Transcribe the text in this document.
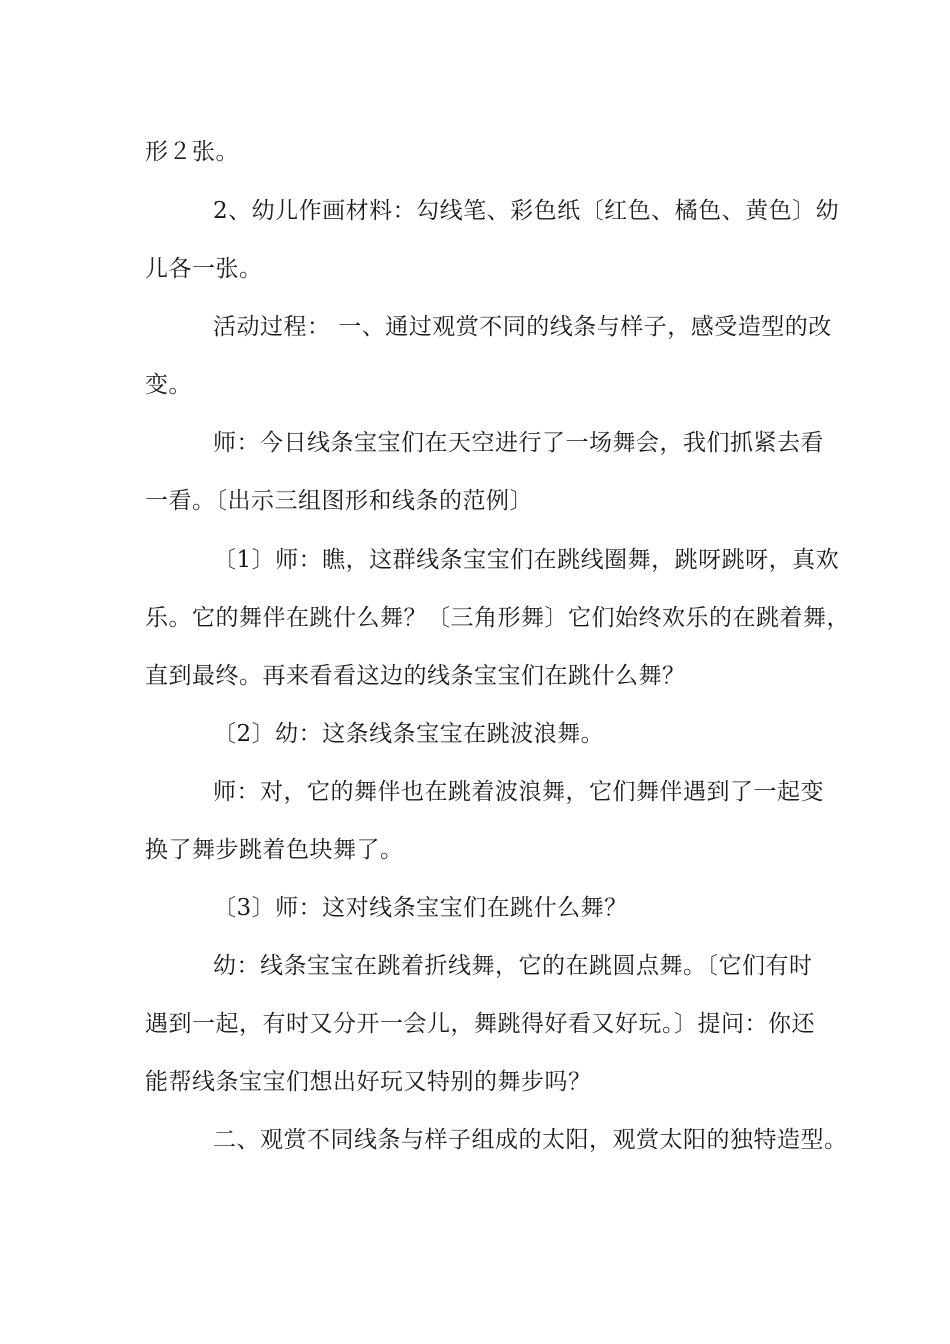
形２张。
2、幼儿作画材料：勾线笔、彩色纸〔红色、橘色、黄色〕幼
儿各一张。
活动过程： 一、通过观赏不同的线条与样子，感受造型的改
变。
师：今日线条宝宝们在天空进行了一场舞会，我们抓紧去看
一看。〔出示三组图形和线条的范例〕
〔1〕师：瞧，这群线条宝宝们在跳线圈舞，跳呀跳呀，真欢
乐。它的舞伴在跳什么舞？〔三角形舞〕它们始终欢乐的在跳着舞，
直到最终。再来看看这边的线条宝宝们在跳什么舞？
〔2〕幼：这条线条宝宝在跳波浪舞。
师：对，它的舞伴也在跳着波浪舞，它们舞伴遇到了一起变
换了舞步跳着色块舞了。
〔3〕师：这对线条宝宝们在跳什么舞？
幼：线条宝宝在跳着折线舞，它的在跳圆点舞。〔它们有时
遇到一起，有时又分开一会儿，舞跳得好看又好玩。〕提问：你还
能帮线条宝宝们想出好玩又特别的舞步吗？
二、观赏不同线条与样子组成的太阳，观赏太阳的独特造型。
